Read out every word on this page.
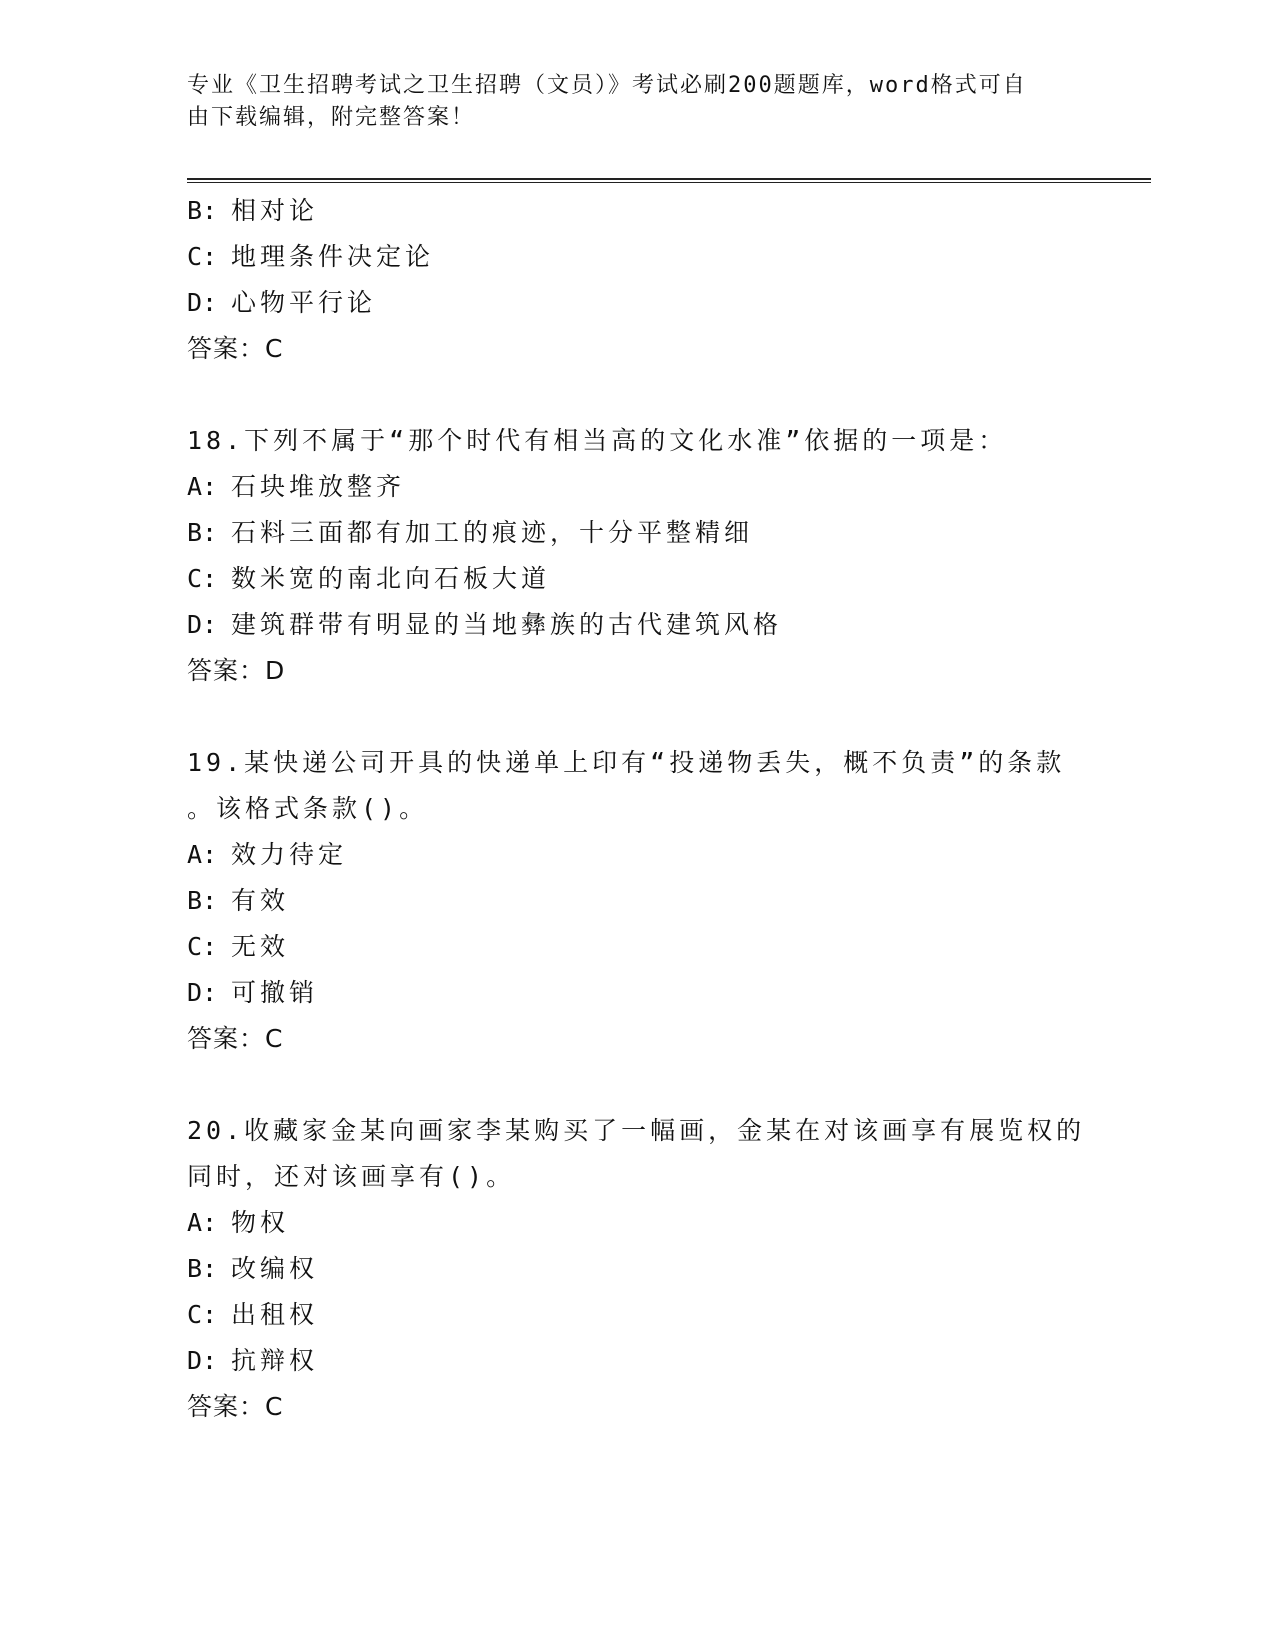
专业《卫生招聘考试之卫生招聘（文员）》考试必刷200题题库，word格式可自
由下载编辑，附完整答案！
B: 相对论
C: 地理条件决定论
D: 心物平行论
答案：C
18.下列不属于“那个时代有相当高的文化水准”依据的一项是：
A: 石块堆放整齐
B: 石料三面都有加工的痕迹，十分平整精细
C: 数米宽的南北向石板大道
D: 建筑群带有明显的当地彝族的古代建筑风格
答案：D
19.某快递公司开具的快递单上印有“投递物丢失，概不负责”的条款
。该格式条款()。
A: 效力待定
B: 有效
C: 无效
D: 可撤销
答案：C
20.收藏家金某向画家李某购买了一幅画，金某在对该画享有展览权的
同时，还对该画享有()。
A: 物权
B: 改编权
C: 出租权
D: 抗辩权
答案：C
